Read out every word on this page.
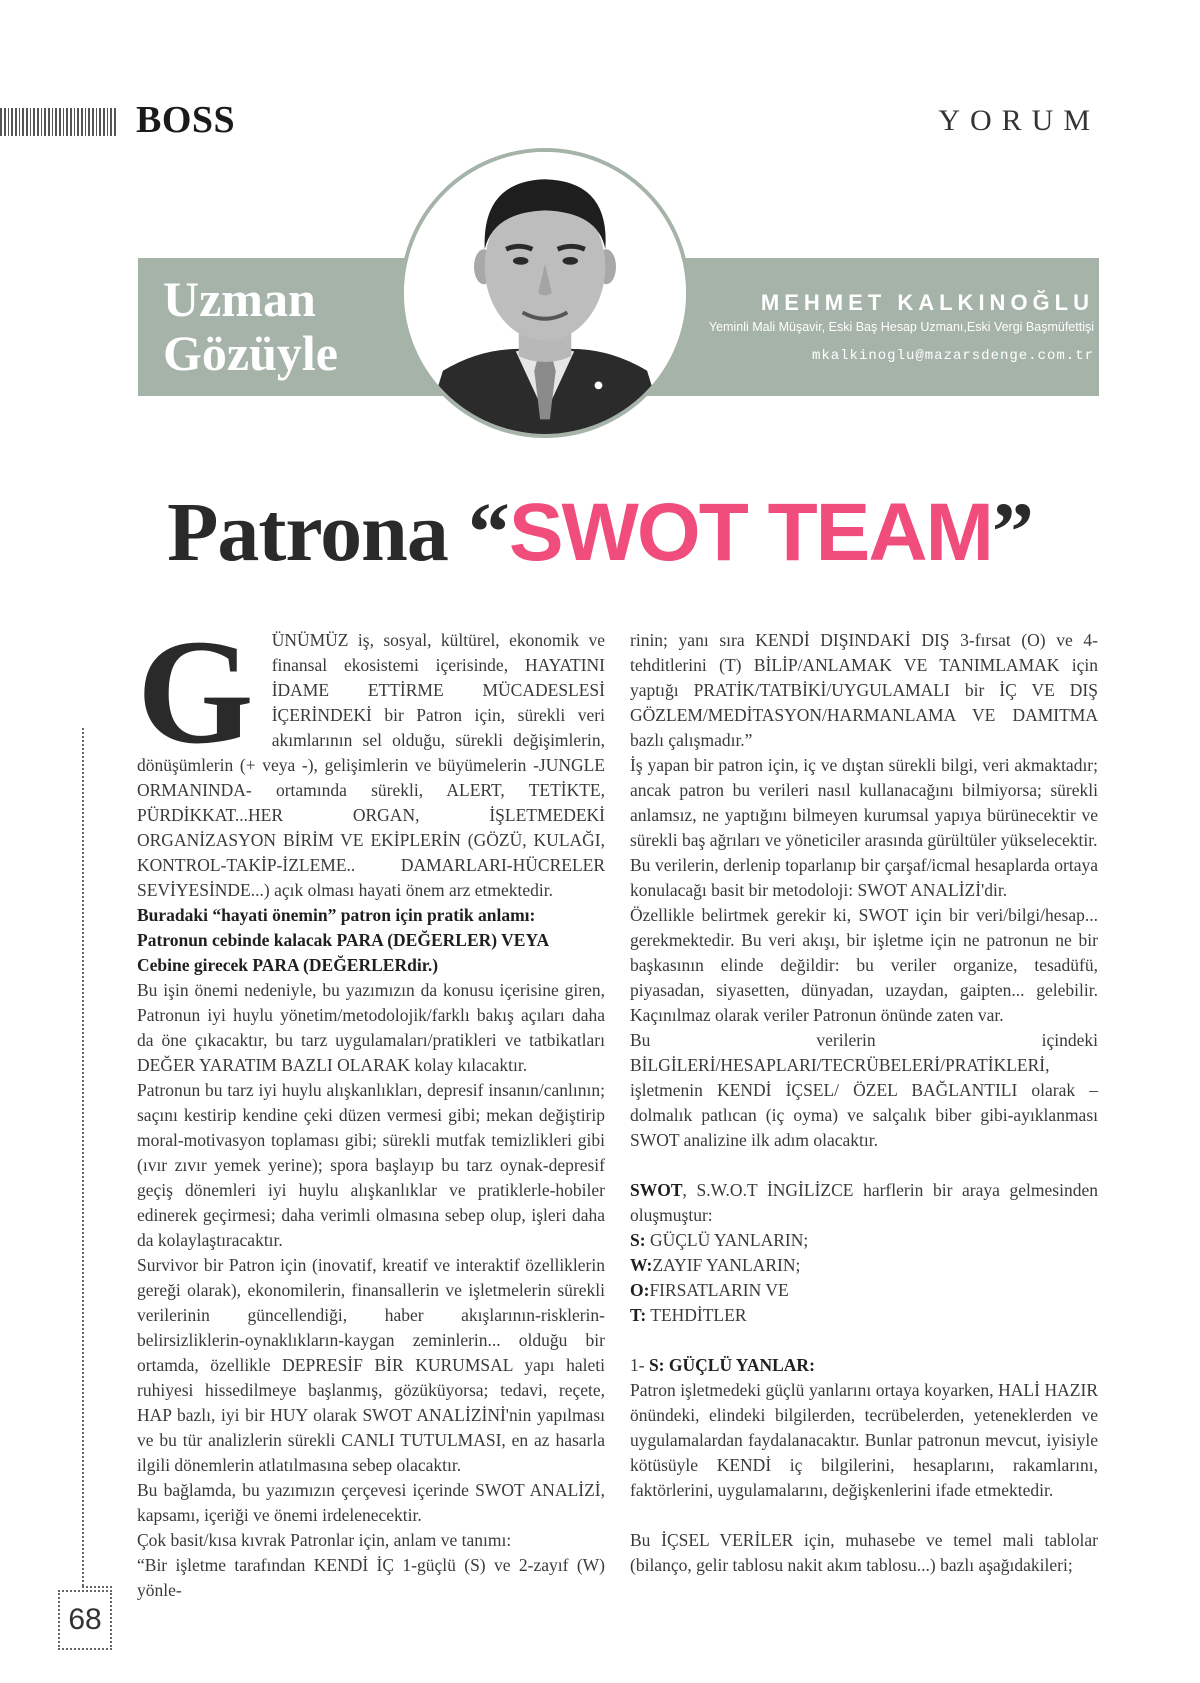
BOSS	YORUM
Uzman
Gözüyle
MEHMET KALKINOĞLU
Yeminli Mali Müşavir, Eski Baş Hesap Uzmanı,Eski Vergi Başmüfettişi
mkalkinoglu@mazarsdenge.com.tr
Patrona “SWOT TEAM”
G	ÜNÜMÜZ iş, sosyal, kültürel, ekonomik ve finansal ekosistemi içerisinde, HAYATINI İDAME ETTİRME MÜCADESLESİ İÇERİNDEKİ bir Patron için, sürekli veri akımlarının sel olduğu, sürekli değişimlerin, dönüşümlerin (+ veya -), gelişimlerin ve büyümelerin -JUNGLE ORMANINDA- ortamında sürekli, ALERT, TETİKTE, PÜRDİKKAT...HER ORGAN, İŞLETMEDEKİ ORGANİZASYON BİRİM VE EKİPLERİN (GÖZÜ, KULAĞI, KONTROL-TAKİP-İZLEME.. DAMARLARI-HÜCRELER SEVİYESİNDE...) açık olması hayati önem arz etmektedir.

Buradaki “hayati önemin” patron için pratik anlamı:

Patronun cebinde kalacak PARA (DEĞERLER) VEYA

Cebine girecek PARA (DEĞERLERdir.)

Bu işin önemi nedeniyle, bu yazımızın da konusu içerisine giren, Patronun iyi huylu yönetim/metodolojik/farklı bakış açıları daha da öne çıkacaktır, bu tarz uygulamaları/pratikleri ve tatbikatları DEĞER YARATIM BAZLI OLARAK kolay kılacaktır.

Patronun bu tarz iyi huylu alışkanlıkları, depresif insanın/canlının; saçını kestirip kendine çeki düzen vermesi gibi; mekan değiştirip moral-motivasyon toplaması gibi; sürekli mutfak temizlikleri gibi (ıvır zıvır yemek yerine); spora başlayıp bu tarz oynak-depresif geçiş dönemleri iyi huylu alışkanlıklar ve pratiklerle-hobiler edinerek geçirmesi; daha verimli olmasına sebep olup, işleri daha da kolaylaştıracaktır.

Survivor bir Patron için (inovatif, kreatif ve interaktif özelliklerin gereği olarak), ekonomilerin, finansallerin ve işletmelerin sürekli verilerinin güncellendiği, haber akışlarının-risklerin-belirsizliklerin-oynaklıkların-kaygan zeminlerin... olduğu bir ortamda, özellikle DEPRESİF BİR KURUMSAL yapı haleti ruhiyesi hissedilmeye başlanmış, gözüküyorsa; tedavi, reçete, HAP bazlı, iyi bir HUY olarak SWOT ANALİZİNİ'nin yapılması ve bu tür analizlerin sürekli CANLI TUTULMASI, en az hasarla ilgili dönemlerin atlatılmasına sebep olacaktır.

Bu bağlamda, bu yazımızın çerçevesi içerinde SWOT ANALİZİ, kapsamı, içeriği ve önemi irdelenecektir.

Çok basit/kısa kıvrak Patronlar için, anlam ve tanımı:

“Bir işletme tarafından KENDİ İÇ 1-güçlü (S) ve 2-zayıf (W) yönle-

rinin; yanı sıra KENDİ DIŞINDAKİ DIŞ 3-fırsat (O) ve 4-tehditlerini (T) BİLİP/ANLAMAK VE TANIMLAMAK için yaptığı PRATİK/TATBİKİ/UYGULAMALI bir İÇ VE DIŞ GÖZLEM/MEDİTASYON/HARMANLAMA VE DAMITMA bazlı çalışmadır.”

İş yapan bir patron için, iç ve dıştan sürekli bilgi, veri akmaktadır; ancak patron bu verileri nasıl kullanacağını bilmiyorsa; sürekli anlamsız, ne yaptığını bilmeyen kurumsal yapıya bürünecektir ve sürekli baş ağrıları ve yöneticiler arasında gürültüler yükselecektir.

Bu verilerin, derlenip toparlanıp bir çarşaf/icmal hesaplarda ortaya konulacağı basit bir metodoloji: SWOT ANALİZİ'dir.

Özellikle belirtmek gerekir ki, SWOT için bir veri/bilgi/hesap... gerekmektedir. Bu veri akışı, bir işletme için ne patronun ne bir başkasının elinde değildir: bu veriler organize, tesadüfü, piyasadan, siyasetten, dünyadan, uzaydan, gaipten... gelebilir. Kaçınılmaz olarak veriler Patronun önünde zaten var.

Bu verilerin içindeki BİLGİLERİ/HESAPLARI/TECRÜBELERİ/PRATİKLERİ, işletmenin KENDİ İÇSEL/ ÖZEL BAĞLANTILI olarak –dolmalık patlıcan (iç oyma) ve salçalık biber gibi-ayıklanması SWOT analizine ilk adım olacaktır.

SWOT, S.W.O.T İNGİLİZCE harflerin bir araya gelmesinden oluşmuştur:

S: GÜÇLÜ YANLARIN;

W:ZAYIF YANLARIN;

O:FIRSATLARIN VE

T: TEHDİTLER

1- S: GÜÇLÜ YANLAR:

Patron işletmedeki güçlü yanlarını ortaya koyarken, HALİ HAZIR önündeki, elindeki bilgilerden, tecrübelerden, yeteneklerden ve uygulamalardan faydalanacaktır. Bunlar patronun mevcut, iyisiyle kötüsüyle KENDİ iç bilgilerini, hesaplarını, rakamlarını, faktörlerini, uygulamalarını, değişkenlerini ifade etmektedir.

Bu İÇSEL VERİLER için, muhasebe ve temel mali tablolar (bilanço, gelir tablosu nakit akım tablosu...) bazlı aşağıdakileri;

68
